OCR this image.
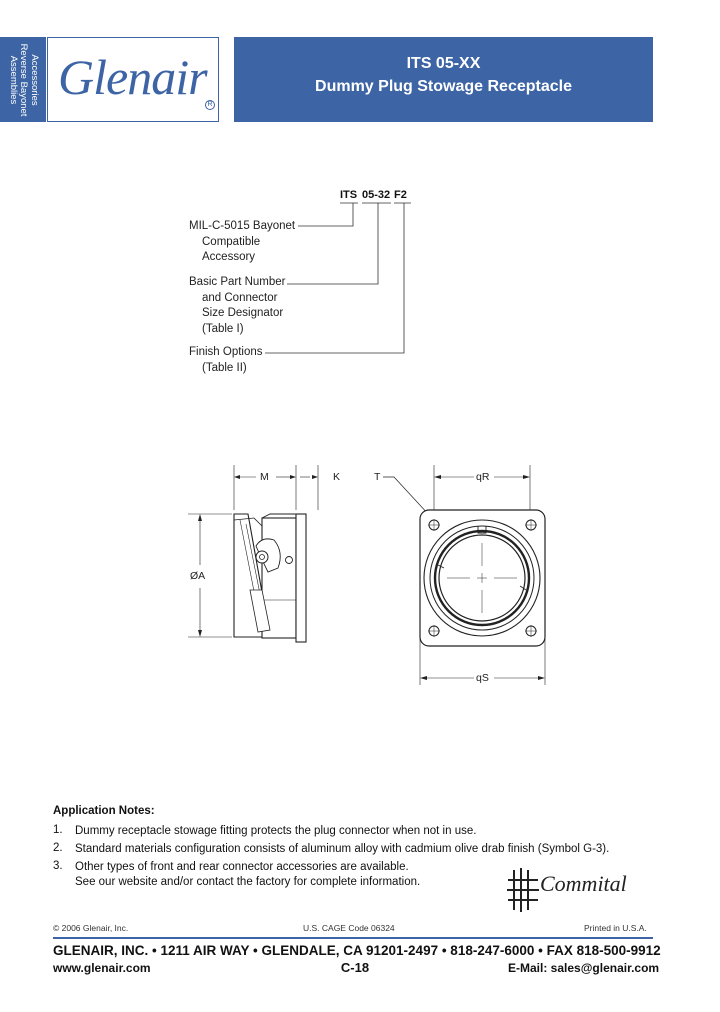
Accessories
Reverse Bayonet
Assemblies Glenair R
ITS 05-XX
Dummy Plug Stowage Receptacle
ITS 05-32 F2
MIL-C-5015 Bayonet
Compatible
Accessory
Basic Part Number
and Connector
Size Designator
(Table I)
Finish Options
(Table II)
M	K
ØA
T	qR
qS
Application Notes:
1. Dummy receptacle stowage fitting protects the plug connector when not in use.
2. Standard materials configuration consists of aluminum alloy with cadmium olive drab finish (Symbol G-3).
3. Other types of front and rear connector accessories are available.
See our website and/or contact the factory for complete information.	Commital
© 2006 Glenair, Inc.	U.S. CAGE Code 06324	Printed in U.S.A.
GLENAIR, INC. • 1211 AIR WAY • GLENDALE, CA 91201-2497 • 818-247-6000 • FAX 818-500-9912
www.glenair.com	C-18	E-Mail: sales@glenair.com
